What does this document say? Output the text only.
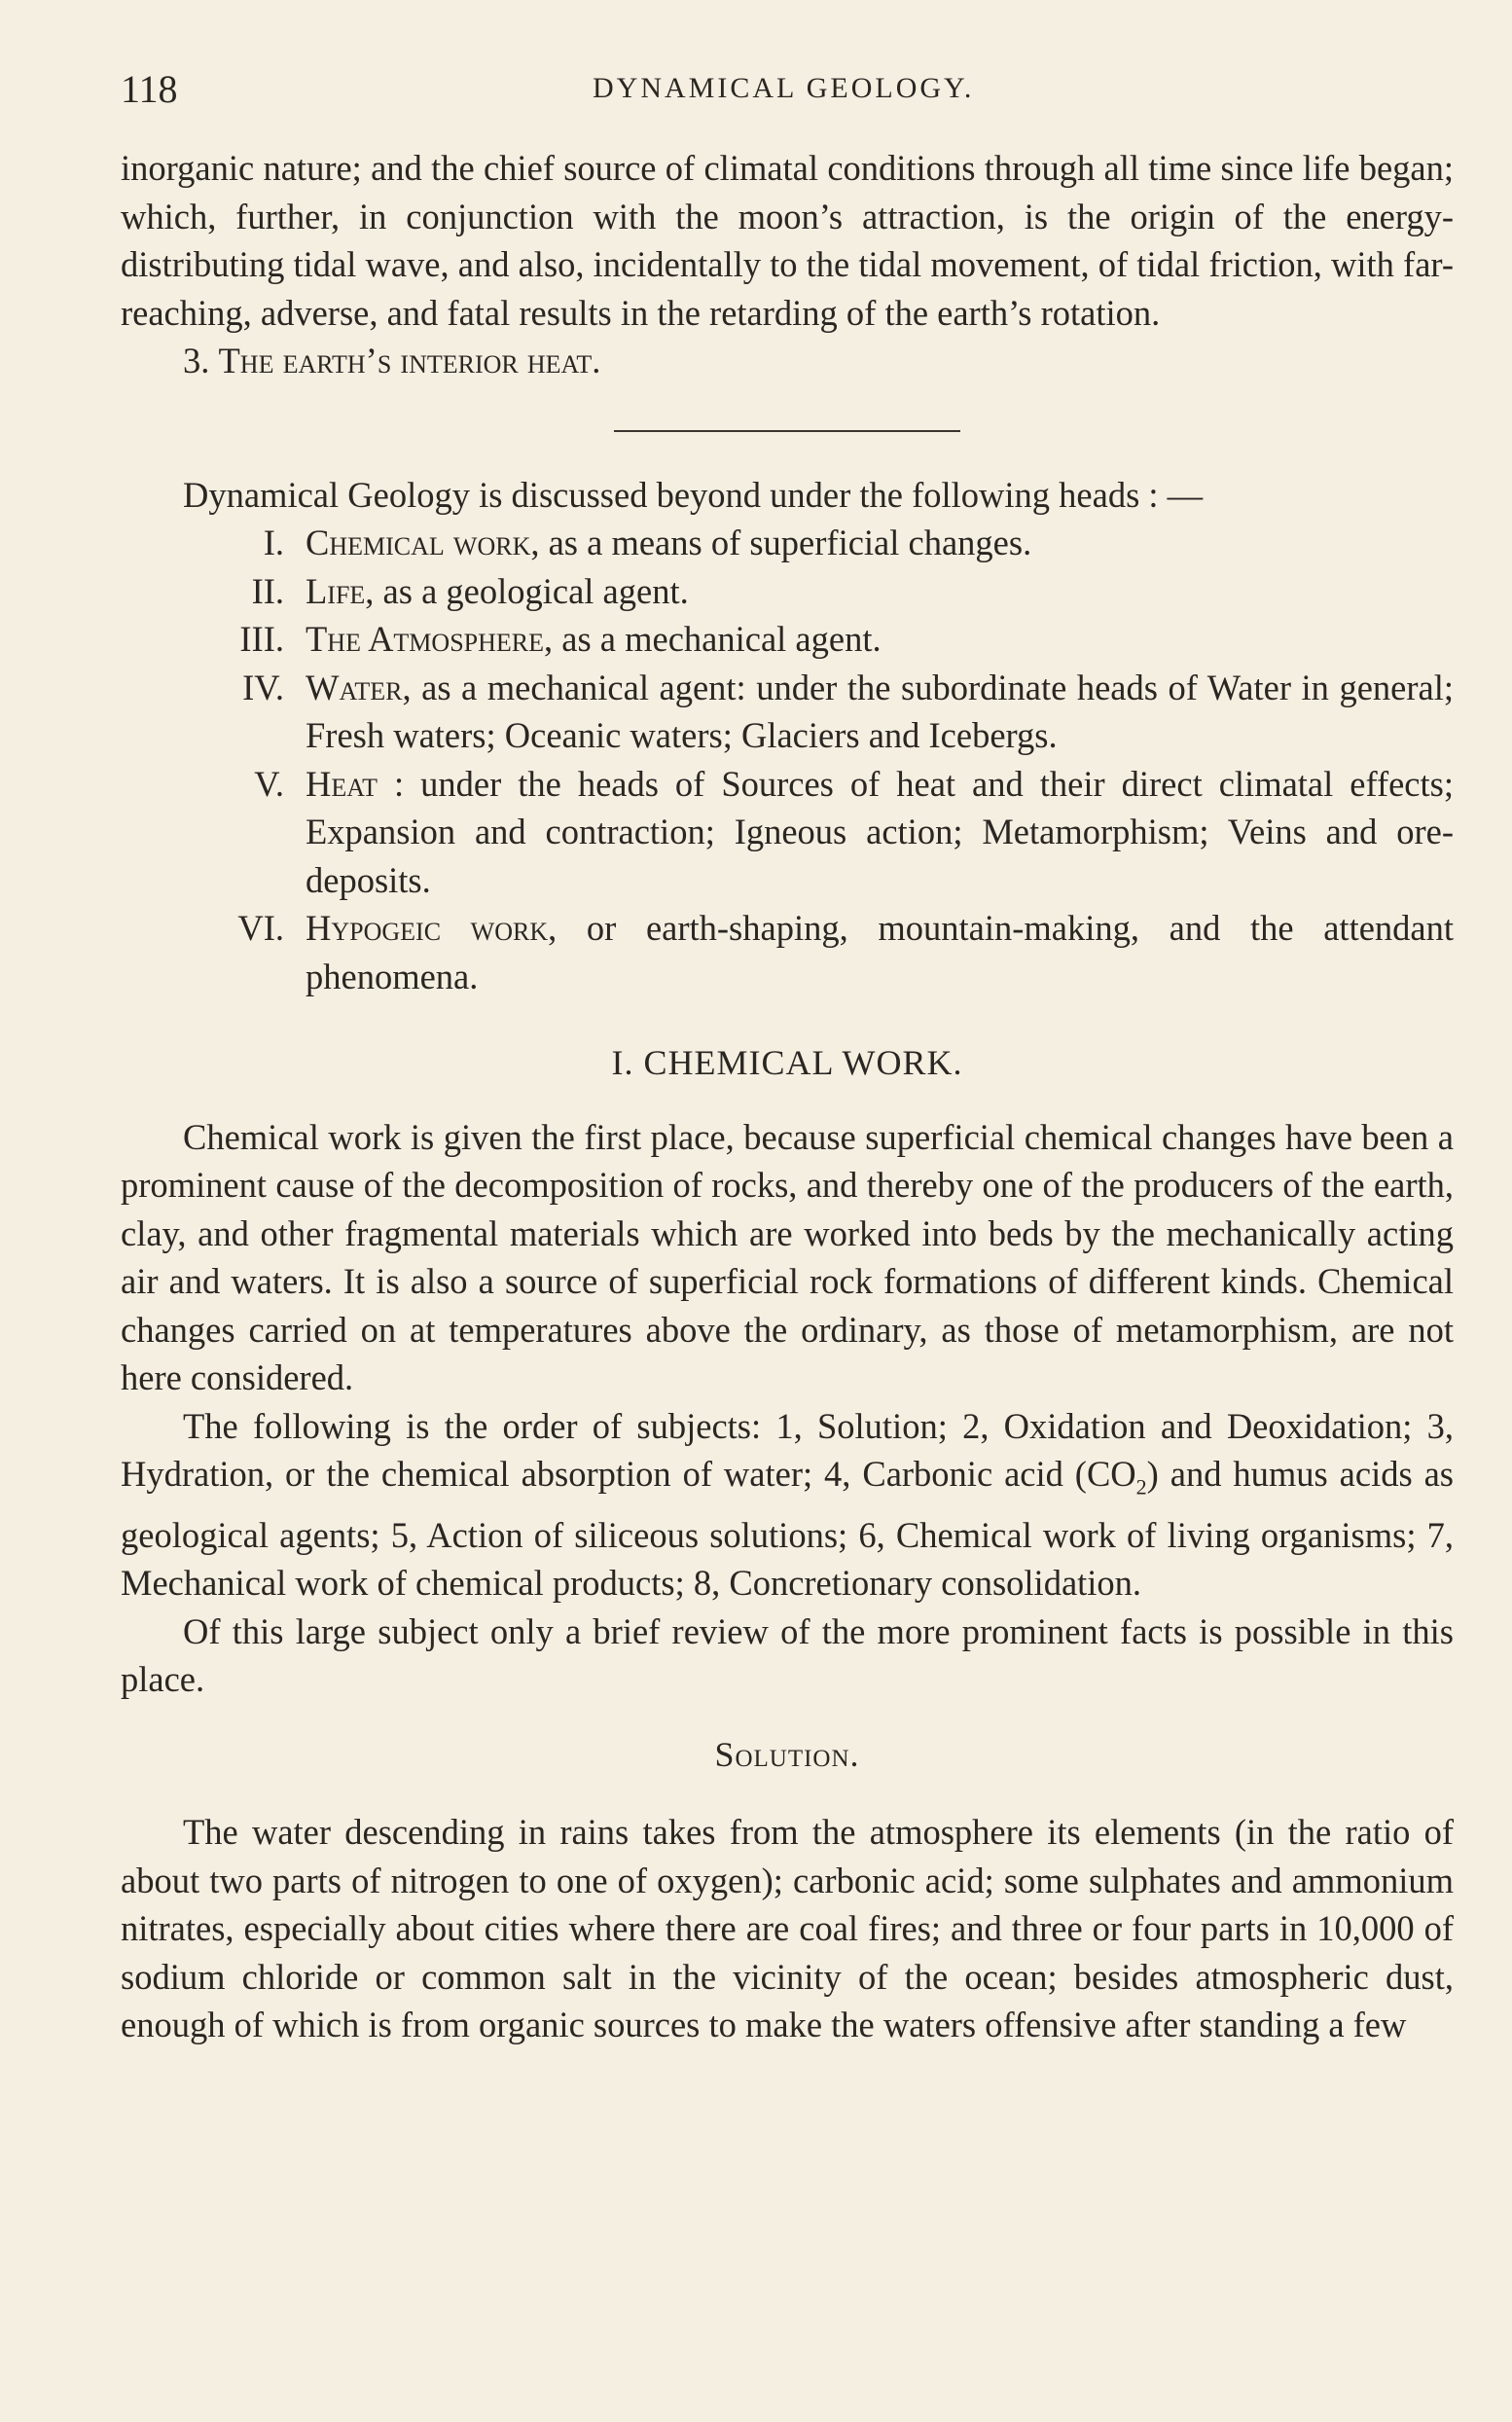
118	DYNAMICAL GEOLOGY.

inorganic nature; and the chief source of climatal conditions through all time since life began; which, further, in conjunction with the moon’s attraction, is the origin of the energy-distributing tidal wave, and also, incidentally to the tidal movement, of tidal friction, with far-reaching, adverse, and fatal results in the retarding of the earth’s rotation.

3. The earth’s interior heat.

Dynamical Geology is discussed beyond under the following heads : —

I. Chemical work, as a means of superficial changes.
II. Life, as a geological agent.
III. The Atmosphere, as a mechanical agent.
IV. Water, as a mechanical agent: under the subordinate heads of Water in general; Fresh waters; Oceanic waters; Glaciers and Icebergs.
V. Heat : under the heads of Sources of heat and their direct climatal effects; Expansion and contraction; Igneous action; Metamorphism; Veins and ore-deposits.
VI. Hypogeic work, or earth-shaping, mountain-making, and the attendant phenomena.
I. CHEMICAL WORK.

Chemical work is given the first place, because superficial chemical changes have been a prominent cause of the decomposition of rocks, and thereby one of the producers of the earth, clay, and other fragmental materials which are worked into beds by the mechanically acting air and waters. It is also a source of superficial rock formations of different kinds. Chemical changes carried on at temperatures above the ordinary, as those of metamorphism, are not here considered.

The following is the order of subjects: 1, Solution; 2, Oxidation and Deoxidation; 3, Hydration, or the chemical absorption of water; 4, Carbonic acid $(CO_2)$ and humus acids as geological agents; 5, Action of siliceous solutions; 6, Chemical work of living organisms; 7, Mechanical work of chemical products; 8, Concretionary consolidation.

Of this large subject only a brief review of the more prominent facts is possible in this place.

Solution.

The water descending in rains takes from the atmosphere its elements (in the ratio of about two parts of nitrogen to one of oxygen); carbonic acid; some sulphates and ammonium nitrates, especially about cities where there are coal fires; and three or four parts in 10,000 of sodium chloride or common salt in the vicinity of the ocean; besides atmospheric dust, enough of which is from organic sources to make the waters offensive after standing a few
